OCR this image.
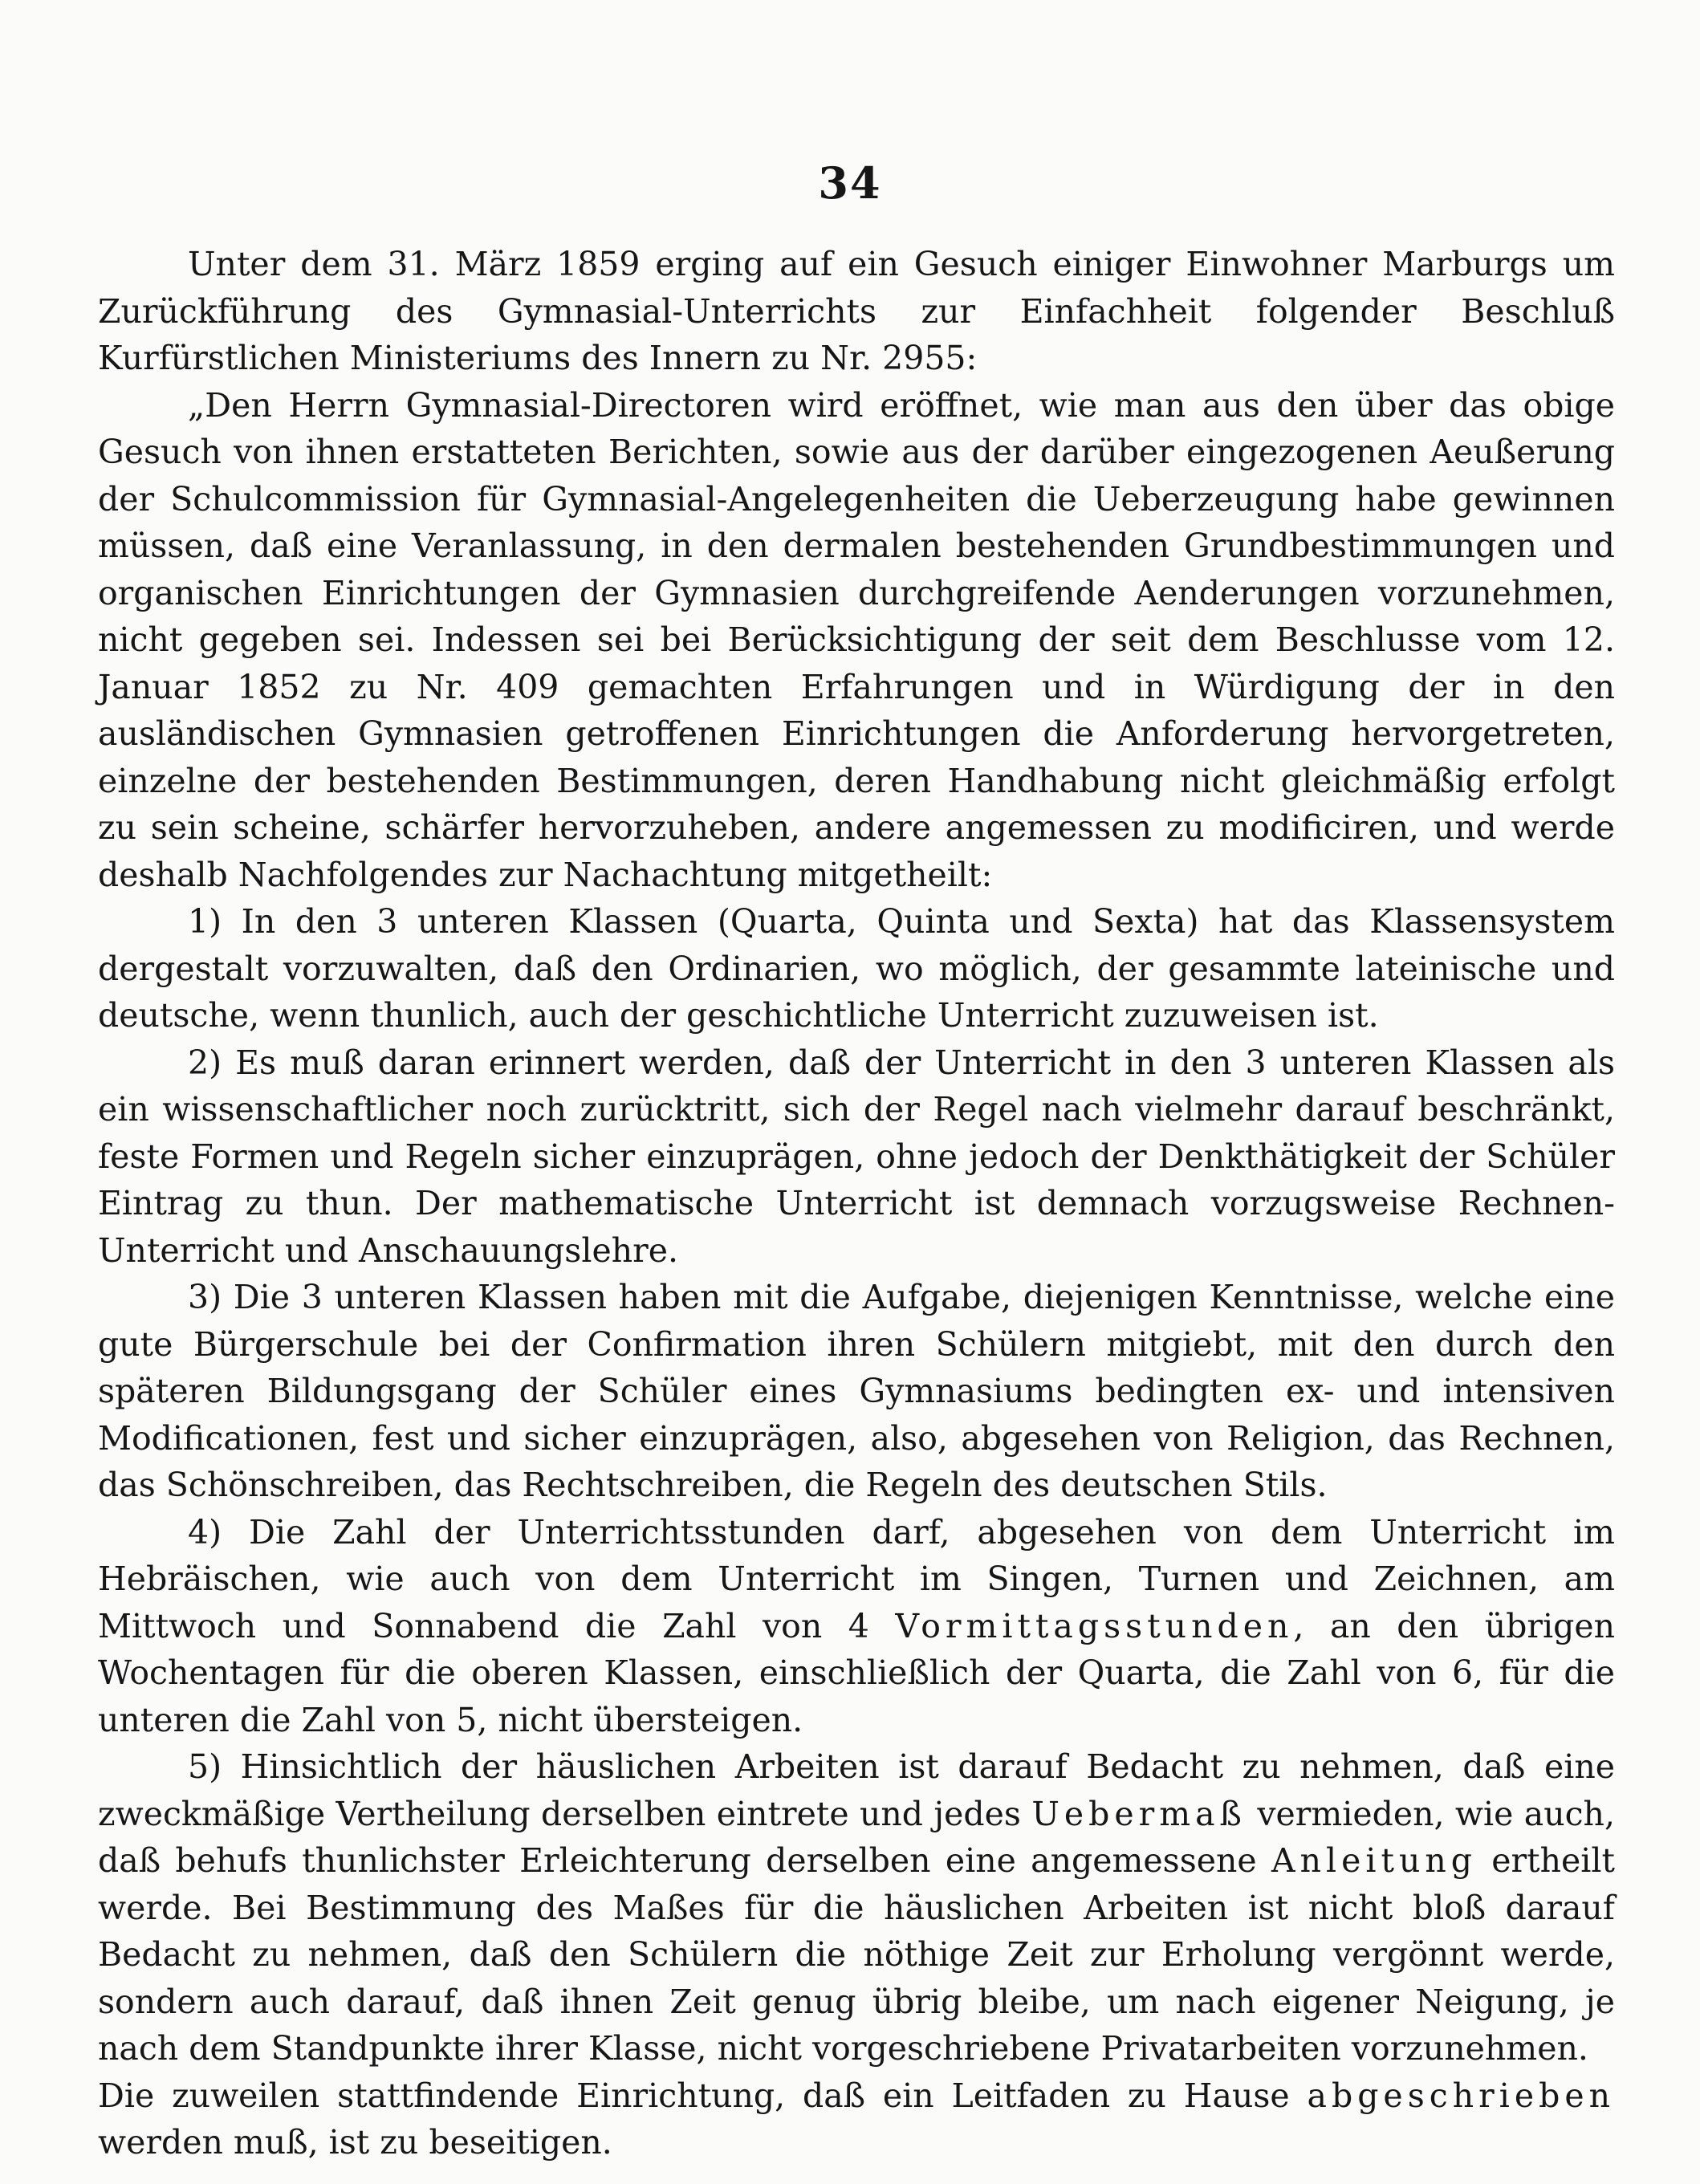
34

Unter dem 31. März 1859 erging auf ein Gesuch einiger Einwohner Marburgs um Zurückführung des Gymnasial-Unterrichts zur Einfachheit folgender Beschluß Kurfürstlichen Ministeriums des Innern zu Nr. 2955:

„Den Herrn Gymnasial-Directoren wird eröffnet, wie man aus den über das obige Gesuch von ihnen erstatteten Berichten, sowie aus der darüber eingezogenen Aeußerung der Schulcommission für Gymnasial-Angelegenheiten die Ueberzeugung habe gewinnen müssen, daß eine Veranlassung, in den dermalen bestehenden Grundbestimmungen und organischen Einrichtungen der Gymnasien durchgreifende Aenderungen vorzunehmen, nicht gegeben sei. Indessen sei bei Berücksichtigung der seit dem Beschlusse vom 12. Januar 1852 zu Nr. 409 gemachten Erfahrungen und in Würdigung der in den ausländischen Gymnasien getroffenen Einrichtungen die Anforderung hervorgetreten, einzelne der bestehenden Bestimmungen, deren Handhabung nicht gleichmäßig erfolgt zu sein scheine, schärfer hervorzuheben, andere angemessen zu modificiren, und werde deshalb Nachfolgendes zur Nachachtung mitgetheilt:

1) In den 3 unteren Klassen (Quarta, Quinta und Sexta) hat das Klassensystem dergestalt vorzuwalten, daß den Ordinarien, wo möglich, der gesammte lateinische und deutsche, wenn thunlich, auch der geschichtliche Unterricht zuzuweisen ist.

2) Es muß daran erinnert werden, daß der Unterricht in den 3 unteren Klassen als ein wissenschaftlicher noch zurücktritt, sich der Regel nach vielmehr darauf beschränkt, feste Formen und Regeln sicher einzuprägen, ohne jedoch der Denkthätigkeit der Schüler Eintrag zu thun. Der mathematische Unterricht ist demnach vorzugsweise Rechnen-Unterricht und Anschauungslehre.

3) Die 3 unteren Klassen haben mit die Aufgabe, diejenigen Kenntnisse, welche eine gute Bürgerschule bei der Confirmation ihren Schülern mitgiebt, mit den durch den späteren Bildungsgang der Schüler eines Gymnasiums bedingten ex- und intensiven Modificationen, fest und sicher einzuprägen, also, abgesehen von Religion, das Rechnen, das Schönschreiben, das Rechtschreiben, die Regeln des deutschen Stils.

4) Die Zahl der Unterrichtsstunden darf, abgesehen von dem Unterricht im Hebräischen, wie auch von dem Unterricht im Singen, Turnen und Zeichnen, am Mittwoch und Sonnabend die Zahl von 4 Vormittagsstunden, an den übrigen Wochentagen für die oberen Klassen, einschließlich der Quarta, die Zahl von 6, für die unteren die Zahl von 5, nicht übersteigen.

5) Hinsichtlich der häuslichen Arbeiten ist darauf Bedacht zu nehmen, daß eine zweckmäßige Vertheilung derselben eintrete und jedes Uebermaß vermieden, wie auch, daß behufs thunlichster Erleichterung derselben eine angemessene Anleitung ertheilt werde. Bei Bestimmung des Maßes für die häuslichen Arbeiten ist nicht bloß darauf Bedacht zu nehmen, daß den Schülern die nöthige Zeit zur Erholung vergönnt werde, sondern auch darauf, daß ihnen Zeit genug übrig bleibe, um nach eigener Neigung, je nach dem Standpunkte ihrer Klasse, nicht vorgeschriebene Privatarbeiten vorzunehmen.

Die zuweilen stattfindende Einrichtung, daß ein Leitfaden zu Hause abgeschrieben werden muß, ist zu beseitigen.
